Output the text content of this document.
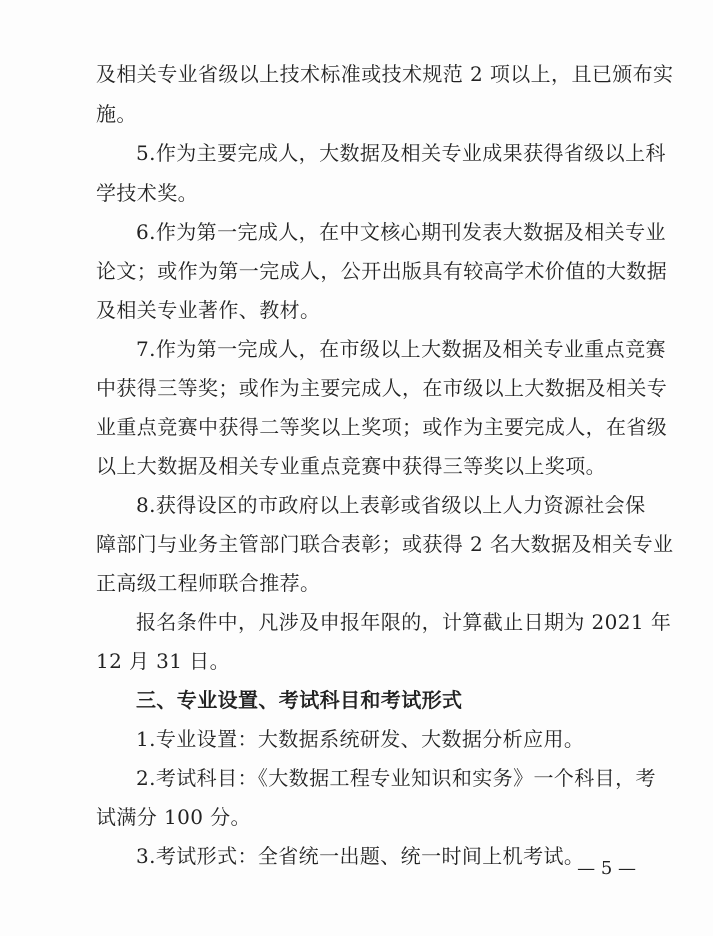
及相关专业省级以上技术标准或技术规范 2 项以上，且已颁布实
施。
5.作为主要完成人，大数据及相关专业成果获得省级以上科
学技术奖。
6.作为第一完成人，在中文核心期刊发表大数据及相关专业
论文；或作为第一完成人，公开出版具有较高学术价值的大数据
及相关专业著作、教材。
7.作为第一完成人，在市级以上大数据及相关专业重点竞赛
中获得三等奖；或作为主要完成人，在市级以上大数据及相关专
业重点竞赛中获得二等奖以上奖项；或作为主要完成人，在省级
以上大数据及相关专业重点竞赛中获得三等奖以上奖项。
8.获得设区的市政府以上表彰或省级以上人力资源社会保
障部门与业务主管部门联合表彰；或获得 2 名大数据及相关专业
正高级工程师联合推荐。
报名条件中，凡涉及申报年限的，计算截止日期为 2021 年
12 月 31 日。
三、专业设置、考试科目和考试形式
1.专业设置：大数据系统研发、大数据分析应用。
2.考试科目：《大数据工程专业知识和实务》一个科目，考
试满分 100 分。
3.考试形式：全省统一出题、统一时间上机考试。
— 5 —
